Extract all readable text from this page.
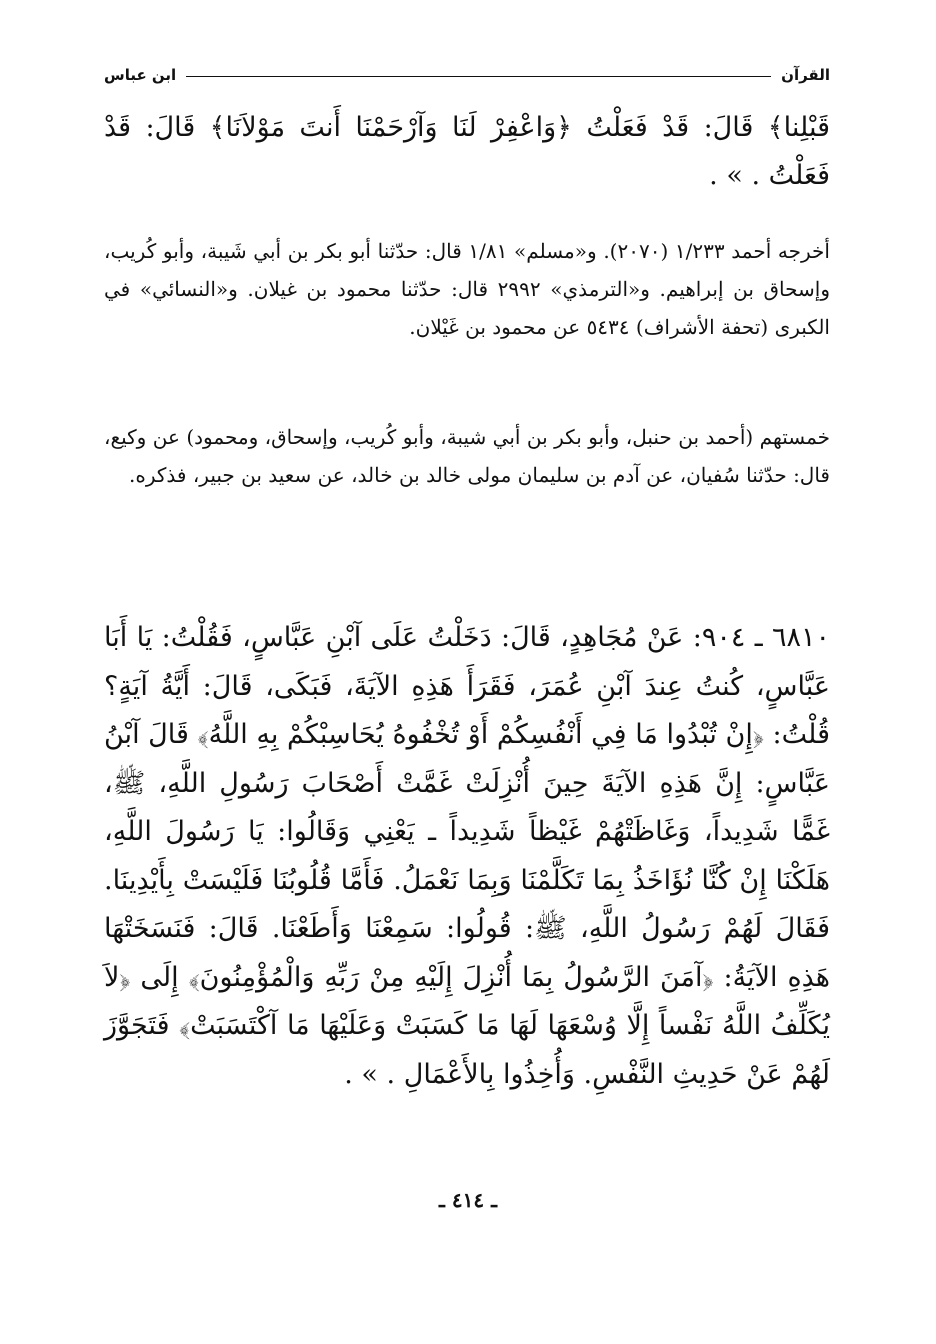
القرآن
ابن عباس

قَبْلِنا﴾ قَالَ: قَدْ فَعَلْتُ ﴿وَاعْفِرْ لَنَا وَآرْحَمْنَا أَنتَ مَوْلاَنَا﴾ قَالَ: قَدْ فَعَلْتُ . » .

أخرجه أحمد ١/٢٣٣ (٢٠٧٠). و«مسلم» ١/٨١ قال: حدّثنا أبو بكر بن أبي شَيبة، وأبو كُريب، وإسحاق بن إبراهيم. و«الترمذي» ٢٩٩٢ قال: حدّثنا محمود بن غيلان. و«النسائي» في الكبرى (تحفة الأشراف) ٥٤٣٤ عن محمود بن غَيْلان.

خمستهم (أحمد بن حنبل، وأبو بكر بن أبي شيبة، وأبو كُريب، وإسحاق، ومحمود) عن وكيع، قال: حدّثنا سُفيان، عن آدم بن سليمان مولى خالد بن خالد، عن سعيد بن جبير، فذكره.

٦٨١٠ ـ ٩٠٤: عَنْ مُجَاهِدٍ، قَالَ: دَخَلْتُ عَلَى آبْنِ عَبَّاسٍ، فَقُلْتُ: يَا أَبَا عَبَّاسٍ، كُنتُ عِندَ آبْنِ عُمَرَ، فَقَرَأَ هَذِهِ الآيَةَ، فَبَكَى، قَالَ: أَيَّةُ آيَةٍ؟ قُلْتُ: ﴿إِنْ تُبْدُوا مَا فِي أَنْفُسِكُمْ أَوْ تُخْفُوهُ يُحَاسِبْكُمْ بِهِ اللَّهُ﴾ قَالَ آبْنُ عَبَّاسٍ: إِنَّ هَذِهِ الآيَةَ حِينَ أُنْزِلَتْ غَمَّتْ أَصْحَابَ رَسُولِ اللَّهِ، ﷺ، غَمًّا شَدِيداً، وَغَاظَتْهُمْ غَيْظاً شَدِيداً ـ يَعْنِي وَقَالُوا: يَا رَسُولَ اللَّهِ، هَلَكْنَا إِنْ كُنَّا نُؤَاخَذُ بِمَا تَكَلَّمْنَا وَبِمَا نَعْمَلُ. فَأَمَّا قُلُوبُنَا فَلَيْسَتْ بِأَيْدِينَا. فَقَالَ لَهُمْ رَسُولُ اللَّهِ، ﷺ: قُولُوا: سَمِعْنَا وَأَطَعْنَا. قَالَ: فَنَسَخَتْهَا هَذِهِ الآيَةُ: ﴿آمَنَ الرَّسُولُ بِمَا أُنْزِلَ إِلَيْهِ مِنْ رَبِّهِ وَالْمُؤْمِنُونَ﴾ إِلَى ﴿لاَ يُكَلِّفُ اللَّهُ نَفْساً إِلَّا وُسْعَهَا لَهَا مَا كَسَبَتْ وَعَلَيْهَا مَا آكْتَسَبَتْ﴾ فَتَجَوَّزَ لَهُمْ عَنْ حَدِيثِ النَّفْسِ. وَأُخِذُوا بِالأَعْمَالِ . » .

ـ ٤١٤ ـ
